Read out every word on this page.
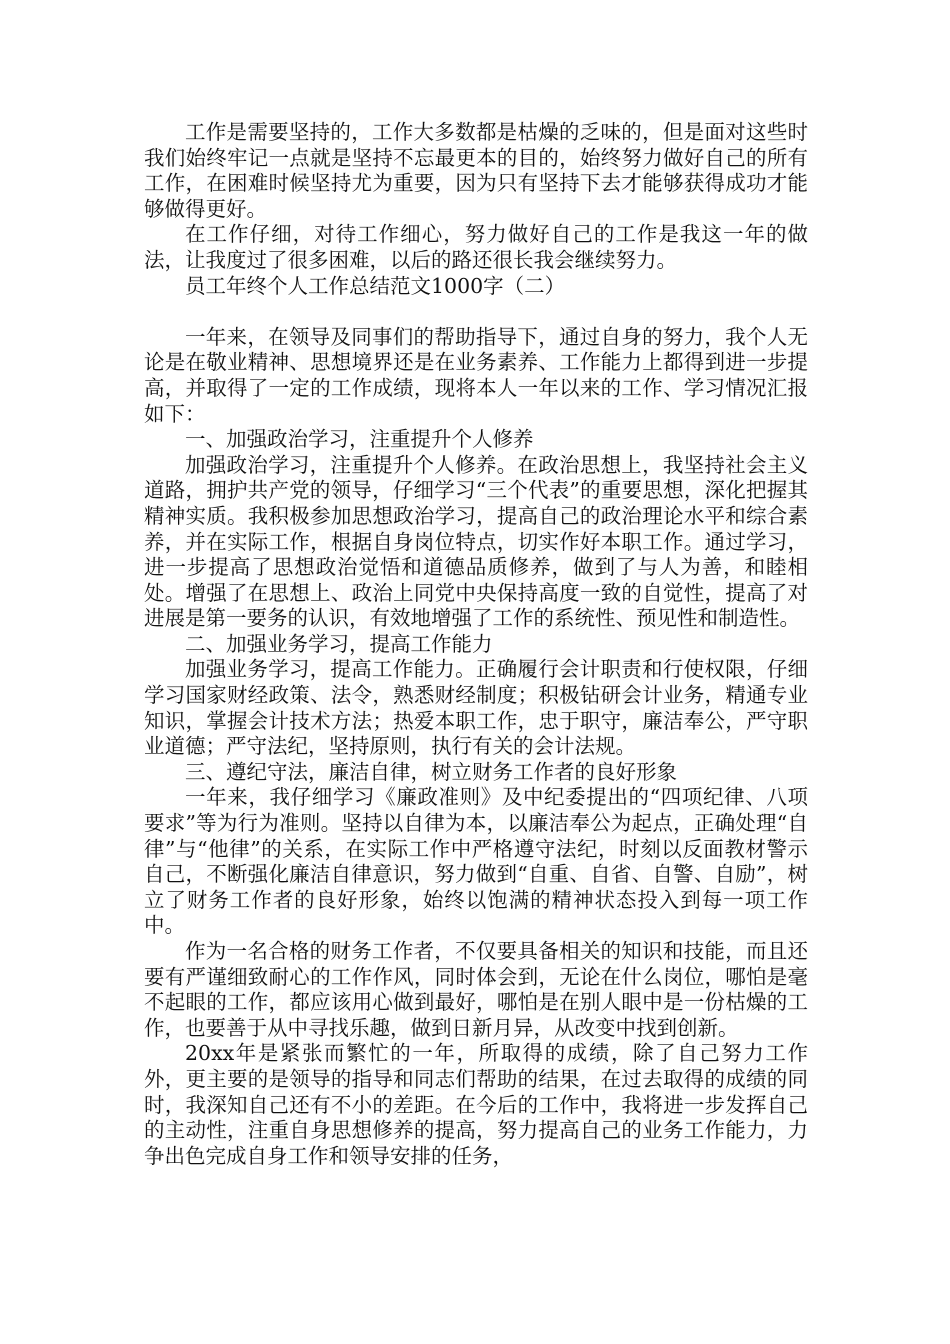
工作是需要坚持的，工作大多数都是枯燥的乏味的，但是面对这些时我们始终牢记一点就是坚持不忘最更本的目的，始终努力做好自己的所有工作，在困难时候坚持尤为重要，因为只有坚持下去才能够获得成功才能够做得更好。

在工作仔细，对待工作细心，努力做好自己的工作是我这一年的做法，让我度过了很多困难，以后的路还很长我会继续努力。

员工年终个人工作总结范文1000字（二）

一年来，在领导及同事们的帮助指导下，通过自身的努力，我个人无论是在敬业精神、思想境界还是在业务素养、工作能力上都得到进一步提高，并取得了一定的工作成绩，现将本人一年以来的工作、学习情况汇报如下：

一、加强政治学习，注重提升个人修养

加强政治学习，注重提升个人修养。在政治思想上，我坚持社会主义道路，拥护共产党的领导，仔细学习“三个代表”的重要思想，深化把握其精神实质。我积极参加思想政治学习，提高自己的政治理论水平和综合素养，并在实际工作，根据自身岗位特点，切实作好本职工作。通过学习，进一步提高了思想政治觉悟和道德品质修养，做到了与人为善，和睦相处。增强了在思想上、政治上同党中央保持高度一致的自觉性，提高了对进展是第一要务的认识，有效地增强了工作的系统性、预见性和制造性。

二、加强业务学习，提高工作能力

加强业务学习，提高工作能力。正确履行会计职责和行使权限，仔细学习国家财经政策、法令，熟悉财经制度；积极钻研会计业务，精通专业知识，掌握会计技术方法；热爱本职工作，忠于职守，廉洁奉公，严守职业道德；严守法纪，坚持原则，执行有关的会计法规。

三、遵纪守法，廉洁自律，树立财务工作者的良好形象

一年来，我仔细学习《廉政准则》及中纪委提出的“四项纪律、八项要求”等为行为准则。坚持以自律为本，以廉洁奉公为起点，正确处理“自律”与“他律”的关系，在实际工作中严格遵守法纪，时刻以反面教材警示自己，不断强化廉洁自律意识，努力做到“自重、自省、自警、自励”，树立了财务工作者的良好形象，始终以饱满的精神状态投入到每一项工作中。

作为一名合格的财务工作者，不仅要具备相关的知识和技能，而且还要有严谨细致耐心的工作作风，同时体会到，无论在什么岗位，哪怕是毫不起眼的工作，都应该用心做到最好，哪怕是在别人眼中是一份枯燥的工作，也要善于从中寻找乐趣，做到日新月异，从改变中找到创新。

20xx年是紧张而繁忙的一年，所取得的成绩，除了自己努力工作外，更主要的是领导的指导和同志们帮助的结果，在过去取得的成绩的同时，我深知自己还有不小的差距。在今后的工作中，我将进一步发挥自己的主动性，注重自身思想修养的提高，努力提高自己的业务工作能力，力争出色完成自身工作和领导安排的任务，
